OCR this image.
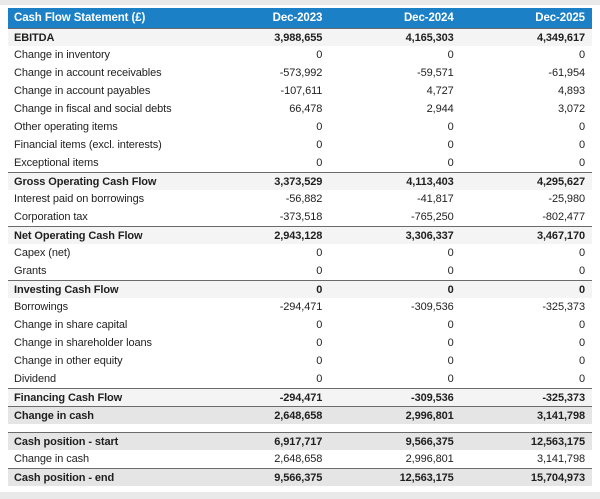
Cash Flow Statement (£)	Dec-2023	Dec-2024	Dec-2025
EBITDA	3,988,655	4,165,303	4,349,617
Change in inventory	0	0	0
Change in account receivables	-573,992	-59,571	-61,954
Change in account payables	-107,611	4,727	4,893
Change in fiscal and social debts	66,478	2,944	3,072
Other operating items	0	0	0
Financial items (excl. interests)	0	0	0
Exceptional items	0	0	0
Gross Operating Cash Flow	3,373,529	4,113,403	4,295,627
Interest paid on borrowings	-56,882	-41,817	-25,980
Corporation tax	-373,518	-765,250	-802,477
Net Operating Cash Flow	2,943,128	3,306,337	3,467,170
Capex (net)	0	0	0
Grants	0	0	0
Investing Cash Flow	0	0	0
Borrowings	-294,471	-309,536	-325,373
Change in share capital	0	0	0
Change in shareholder loans	0	0	0
Change in other equity	0	0	0
Dividend	0	0	0
Financing Cash Flow	-294,471	-309,536	-325,373
Change in cash	2,648,658	2,996,801	3,141,798
Cash position - start	6,917,717	9,566,375	12,563,175
Change in cash	2,648,658	2,996,801	3,141,798
Cash position - end	9,566,375	12,563,175	15,704,973
